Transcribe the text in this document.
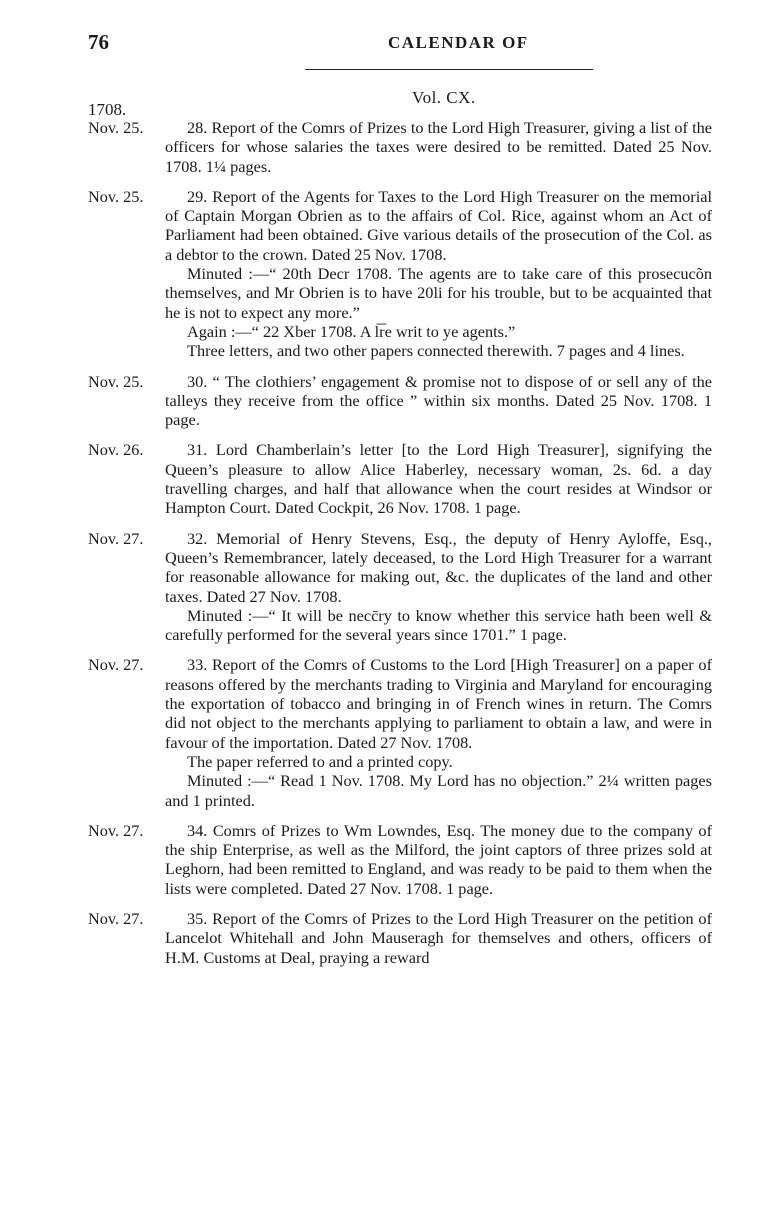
76	CALENDAR OF
1708.
Vol. CX.
Nov. 25.	28. Report of the Comrs of Prizes to the Lord High Treasurer, giving a list of the officers for whose salaries the taxes were desired to be remitted. Dated 25 Nov. 1708. 1¼ pages.

Nov. 25.	29. Report of the Agents for Taxes to the Lord High Treasurer on the memorial of Captain Morgan Obrien as to the affairs of Col. Rice, against whom an Act of Parliament had been obtained. Give various details of the prosecution of the Col. as a debtor to the crown. Dated 25 Nov. 1708.

Minuted :—“ 20th Decr 1708. The agents are to take care of this prosecucõn themselves, and Mr Obrien is to have 20li for his trouble, but to be acquainted that he is not to expect any more.”

Again :—“ 22 Xber 1708. A l͞re writ to ye agents.”

Three letters, and two other papers connected therewith. 7 pages and 4 lines.

Nov. 25.	30. “ The clothiers’ engagement & promise not to dispose of or sell any of the talleys they receive from the office ” within six months. Dated 25 Nov. 1708. 1 page.

Nov. 26.	31. Lord Chamberlain’s letter [to the Lord High Treasurer], signifying the Queen’s pleasure to allow Alice Haberley, necessary woman, 2s. 6d. a day travelling charges, and half that allowance when the court resides at Windsor or Hampton Court. Dated Cockpit, 26 Nov. 1708. 1 page.

Nov. 27.	32. Memorial of Henry Stevens, Esq., the deputy of Henry Ayloffe, Esq., Queen’s Remembrancer, lately deceased, to the Lord High Treasurer for a warrant for reasonable allowance for making out, &c. the duplicates of the land and other taxes. Dated 27 Nov. 1708.

Minuted :—“ It will be necc̄ry to know whether this service hath been well & carefully performed for the several years since 1701.” 1 page.

Nov. 27.	33. Report of the Comrs of Customs to the Lord [High Treasurer] on a paper of reasons offered by the merchants trading to Virginia and Maryland for encouraging the exportation of tobacco and bringing in of French wines in return. The Comrs did not object to the merchants applying to parliament to obtain a law, and were in favour of the importation. Dated 27 Nov. 1708.

The paper referred to and a printed copy.

Minuted :—“ Read 1 Nov. 1708. My Lord has no objection.” 2¼ written pages and 1 printed.

Nov. 27.	34. Comrs of Prizes to Wm Lowndes, Esq. The money due to the company of the ship Enterprise, as well as the Milford, the joint captors of three prizes sold at Leghorn, had been remitted to England, and was ready to be paid to them when the lists were completed. Dated 27 Nov. 1708. 1 page.

Nov. 27.	35. Report of the Comrs of Prizes to the Lord High Treasurer on the petition of Lancelot Whitehall and John Mauseragh for themselves and others, officers of H.M. Customs at Deal, praying a reward
